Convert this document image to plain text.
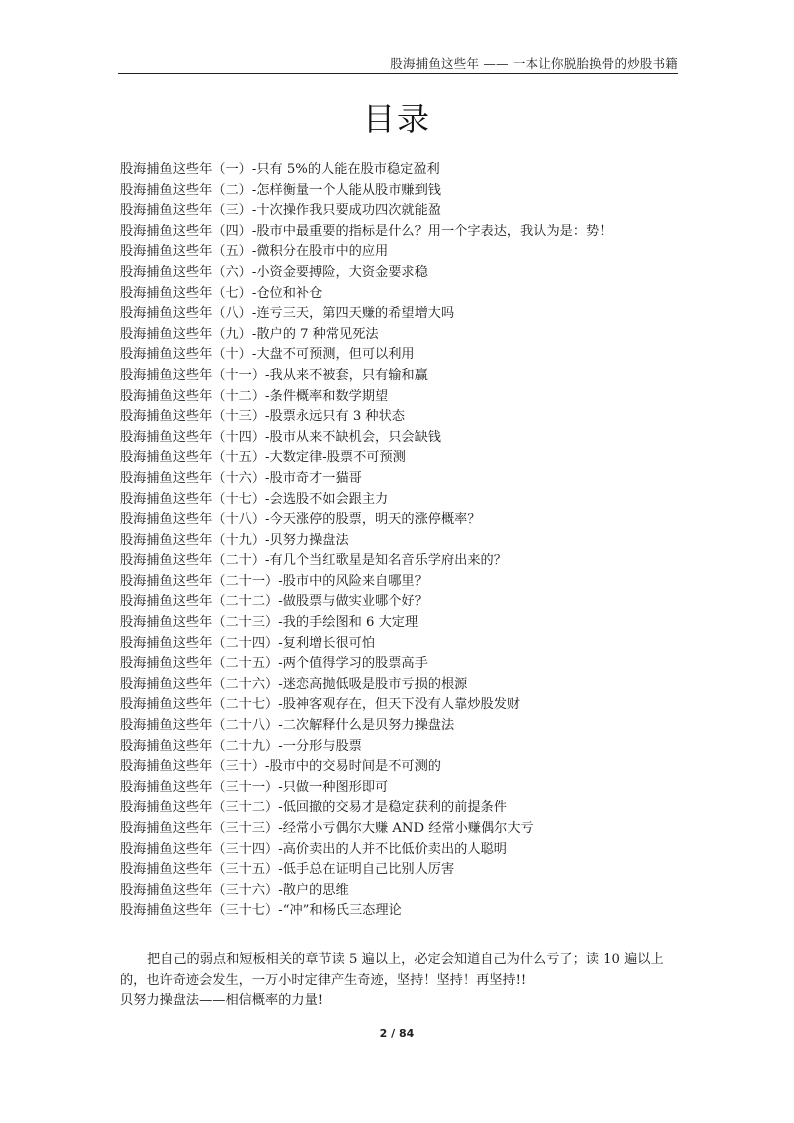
股海捕鱼这些年 —— 一本让你脱胎换骨的炒股书籍
目录
股海捕鱼这些年（一）-只有 5%的人能在股市稳定盈利
股海捕鱼这些年（二）-怎样衡量一个人能从股市赚到钱
股海捕鱼这些年（三）-十次操作我只要成功四次就能盈
股海捕鱼这些年（四）-股市中最重要的指标是什么？用一个字表达，我认为是：势！
股海捕鱼这些年（五）-微积分在股市中的应用
股海捕鱼这些年（六）-小资金要搏险，大资金要求稳
股海捕鱼这些年（七）-仓位和补仓
股海捕鱼这些年（八）-连亏三天，第四天赚的希望增大吗
股海捕鱼这些年（九）-散户的 7 种常见死法
股海捕鱼这些年（十）-大盘不可预测，但可以利用
股海捕鱼这些年（十一）-我从来不被套，只有输和赢
股海捕鱼这些年（十二）-条件概率和数学期望
股海捕鱼这些年（十三）-股票永远只有 3 种状态
股海捕鱼这些年（十四）-股市从来不缺机会，只会缺钱
股海捕鱼这些年（十五）-大数定律-股票不可预测
股海捕鱼这些年（十六）-股市奇才一猫哥
股海捕鱼这些年（十七）-会选股不如会跟主力
股海捕鱼这些年（十八）-今天涨停的股票，明天的涨停概率？
股海捕鱼这些年（十九）-贝努力操盘法
股海捕鱼这些年（二十）-有几个当红歌星是知名音乐学府出来的？
股海捕鱼这些年（二十一）-股市中的风险来自哪里？
股海捕鱼这些年（二十二）-做股票与做实业哪个好？
股海捕鱼这些年（二十三）-我的手绘图和 6 大定理
股海捕鱼这些年（二十四）-复利增长很可怕
股海捕鱼这些年（二十五）-两个值得学习的股票高手
股海捕鱼这些年（二十六）-迷恋高抛低吸是股市亏损的根源
股海捕鱼这些年（二十七）-股神客观存在，但天下没有人靠炒股发财
股海捕鱼这些年（二十八）-二次解释什么是贝努力操盘法
股海捕鱼这些年（二十九）-一分形与股票
股海捕鱼这些年（三十）-股市中的交易时间是不可测的
股海捕鱼这些年（三十一）-只做一种图形即可
股海捕鱼这些年（三十二）-低回撤的交易才是稳定获利的前提条件
股海捕鱼这些年（三十三）-经常小亏偶尔大赚 AND 经常小赚偶尔大亏
股海捕鱼这些年（三十四）-高价卖出的人并不比低价卖出的人聪明
股海捕鱼这些年（三十五）-低手总在证明自己比别人厉害
股海捕鱼这些年（三十六）-散户的思维
股海捕鱼这些年（三十七）-“冲”和杨氏三态理论

把自己的弱点和短板相关的章节读 5 遍以上，必定会知道自己为什么亏了；读 10 遍以上的，也许奇迹会发生，一万小时定律产生奇迹，坚持！坚持！再坚持!!

贝努力操盘法——相信概率的力量!

2 / 84
